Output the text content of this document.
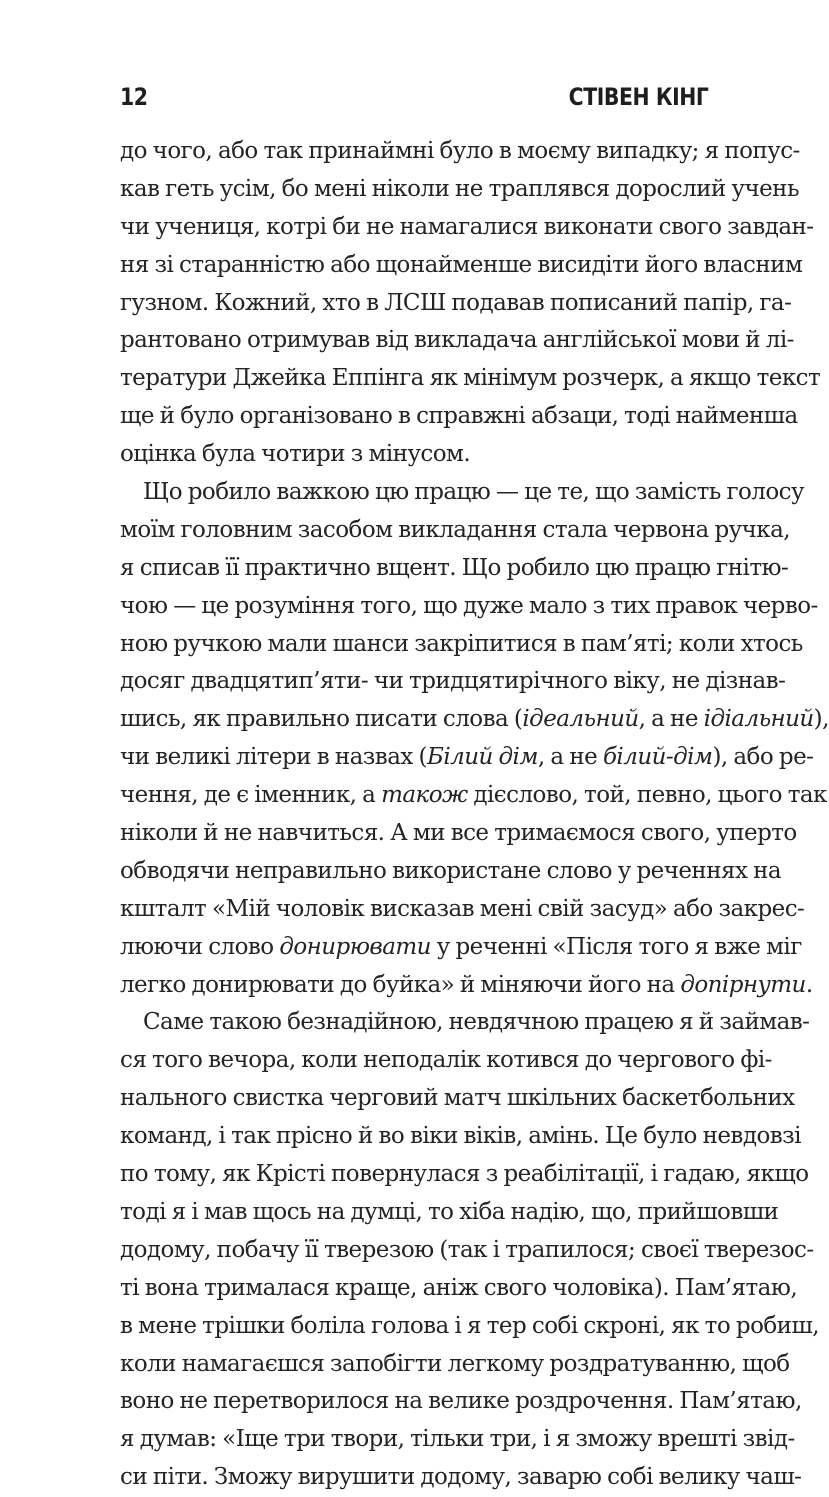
12	СТІВЕН КІНГ
до чого, або так принаймні було в моєму випадку; я попус-
кав геть усім, бо мені ніколи не траплявся дорослий учень
чи учениця, котрі би не намагалися виконати свого завдан-
ня зі старанністю або щонайменше висидіти його власним
гузном. Кожний, хто в ЛСШ подавав пописаний папір, га-
рантовано отримував від викладача англійської мови й лі-
тератури Джейка Еппінга як мінімум розчерк, а якщо текст
ще й було організовано в справжні абзаци, тоді найменша
оцінка була чотири з мінусом.
Що робило важкою цю працю — це те, що замість голосу
моїм головним засобом викладання стала червона ручка,
я списав її практично вщент. Що робило цю працю гнітю-
чою — це розуміння того, що дуже мало з тих правок черво-
ною ручкою мали шанси закріпитися в пам’яті; коли хтось
досяг двадцятип’яти- чи тридцятирічного віку, не дізнав-
шись, як правильно писати слова (ідеальний, а не ідіальний),
чи великі літери в назвах (Білий дім, а не білий-дім), або ре-
чення, де є іменник, а також дієслово, той, певно, цього так
ніколи й не навчиться. А ми все тримаємося свого, уперто
обводячи неправильно використане слово у реченнях на
кшталт «Мій чоловік висказав мені свій засуд» або закрес-
люючи слово донирювати у реченні «Після того я вже міг
легко донирювати до буйка» й міняючи його на допірнути.
Саме такою безнадійною, невдячною працею я й займав-
ся того вечора, коли неподалік котився до чергового фі-
нального свистка черговий матч шкільних баскетбольних
команд, і так прісно й во віки віків, амінь. Це було невдовзі
по тому, як Крісті повернулася з реабілітації, і гадаю, якщо
тоді я і мав щось на думці, то хіба надію, що, прийшовши
додому, побачу її тверезою (так і трапилося; своєї тверезос-
ті вона трималася краще, аніж свого чоловіка). Пам’ятаю,
в мене трішки боліла голова і я тер собі скроні, як то робиш,
коли намагаєшся запобігти легкому роздратуванню, щоб
воно не перетворилося на велике роздрочення. Пам’ятаю,
я думав: «Іще три твори, тільки три, і я зможу врешті звід-
си піти. Зможу вирушити додому, заварю собі велику чаш-
